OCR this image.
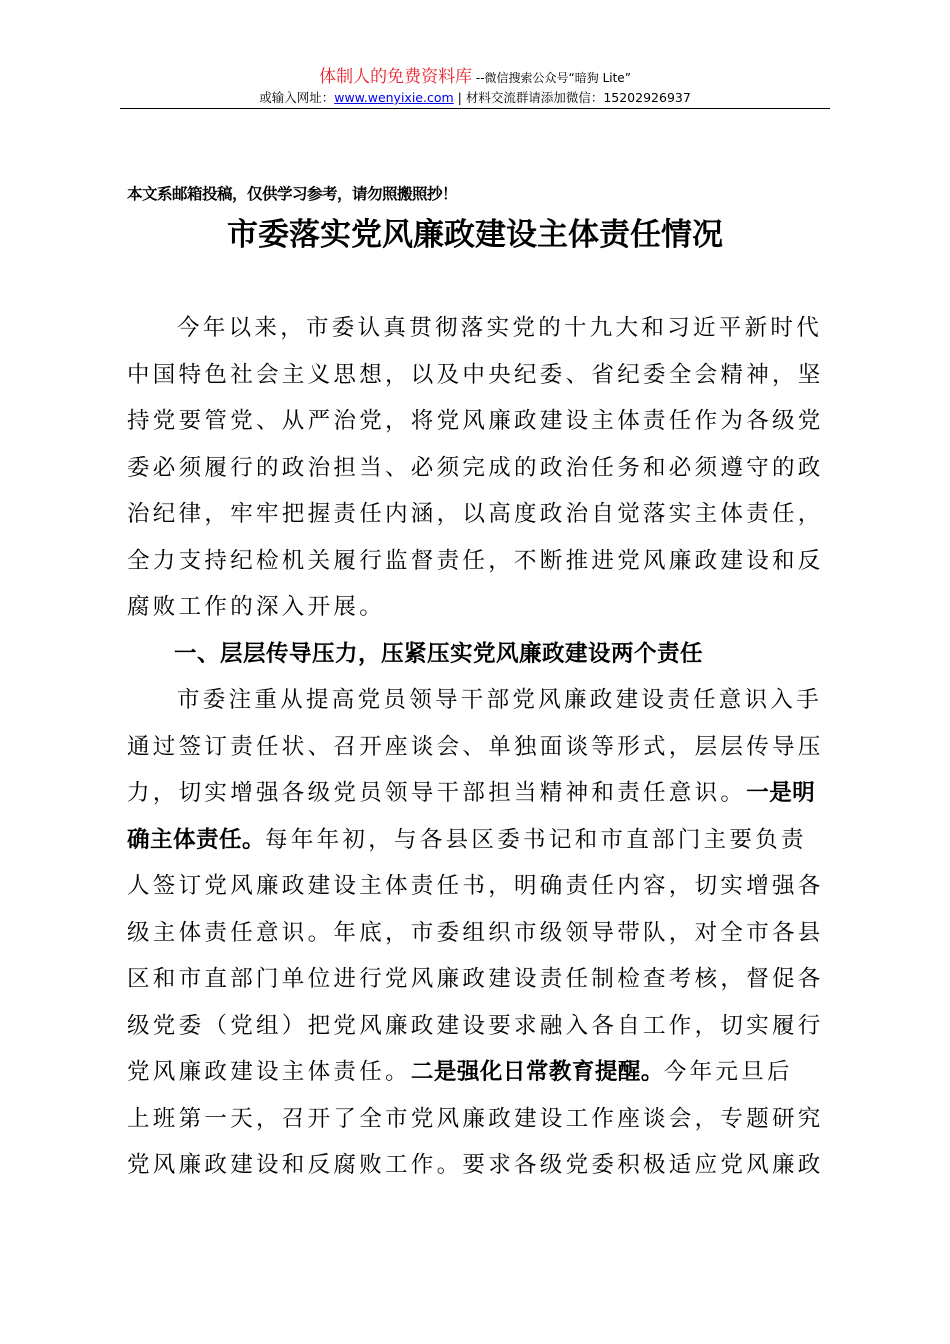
体制人的免费资料库 --微信搜索公众号“暗狗 Lite”
或输入网址：www.wenyixie.com | 材料交流群请添加微信：15202926937
本文系邮箱投稿，仅供学习参考，请勿照搬照抄！
市委落实党风廉政建设主体责任情况
今年以来，市委认真贯彻落实党的十九大和习近平新时代
中国特色社会主义思想，以及中央纪委、省纪委全会精神，坚
持党要管党、从严治党，将党风廉政建设主体责任作为各级党
委必须履行的政治担当、必须完成的政治任务和必须遵守的政
治纪律，牢牢把握责任内涵，以高度政治自觉落实主体责任，
全力支持纪检机关履行监督责任，不断推进党风廉政建设和反
腐败工作的深入开展。
一、层层传导压力，压紧压实党风廉政建设两个责任
市委注重从提高党员领导干部党风廉政建设责任意识入手
通过签订责任状、召开座谈会、单独面谈等形式，层层传导压
力，切实增强各级党员领导干部担当精神和责任意识。一是明
确主体责任。每年年初，与各县区委书记和市直部门主要负责
人签订党风廉政建设主体责任书，明确责任内容，切实增强各
级主体责任意识。年底，市委组织市级领导带队，对全市各县
区和市直部门单位进行党风廉政建设责任制检查考核，督促各
级党委（党组）把党风廉政建设要求融入各自工作，切实履行
党风廉政建设主体责任。二是强化日常教育提醒。今年元旦后
上班第一天，召开了全市党风廉政建设工作座谈会，专题研究
党风廉政建设和反腐败工作。要求各级党委积极适应党风廉政
